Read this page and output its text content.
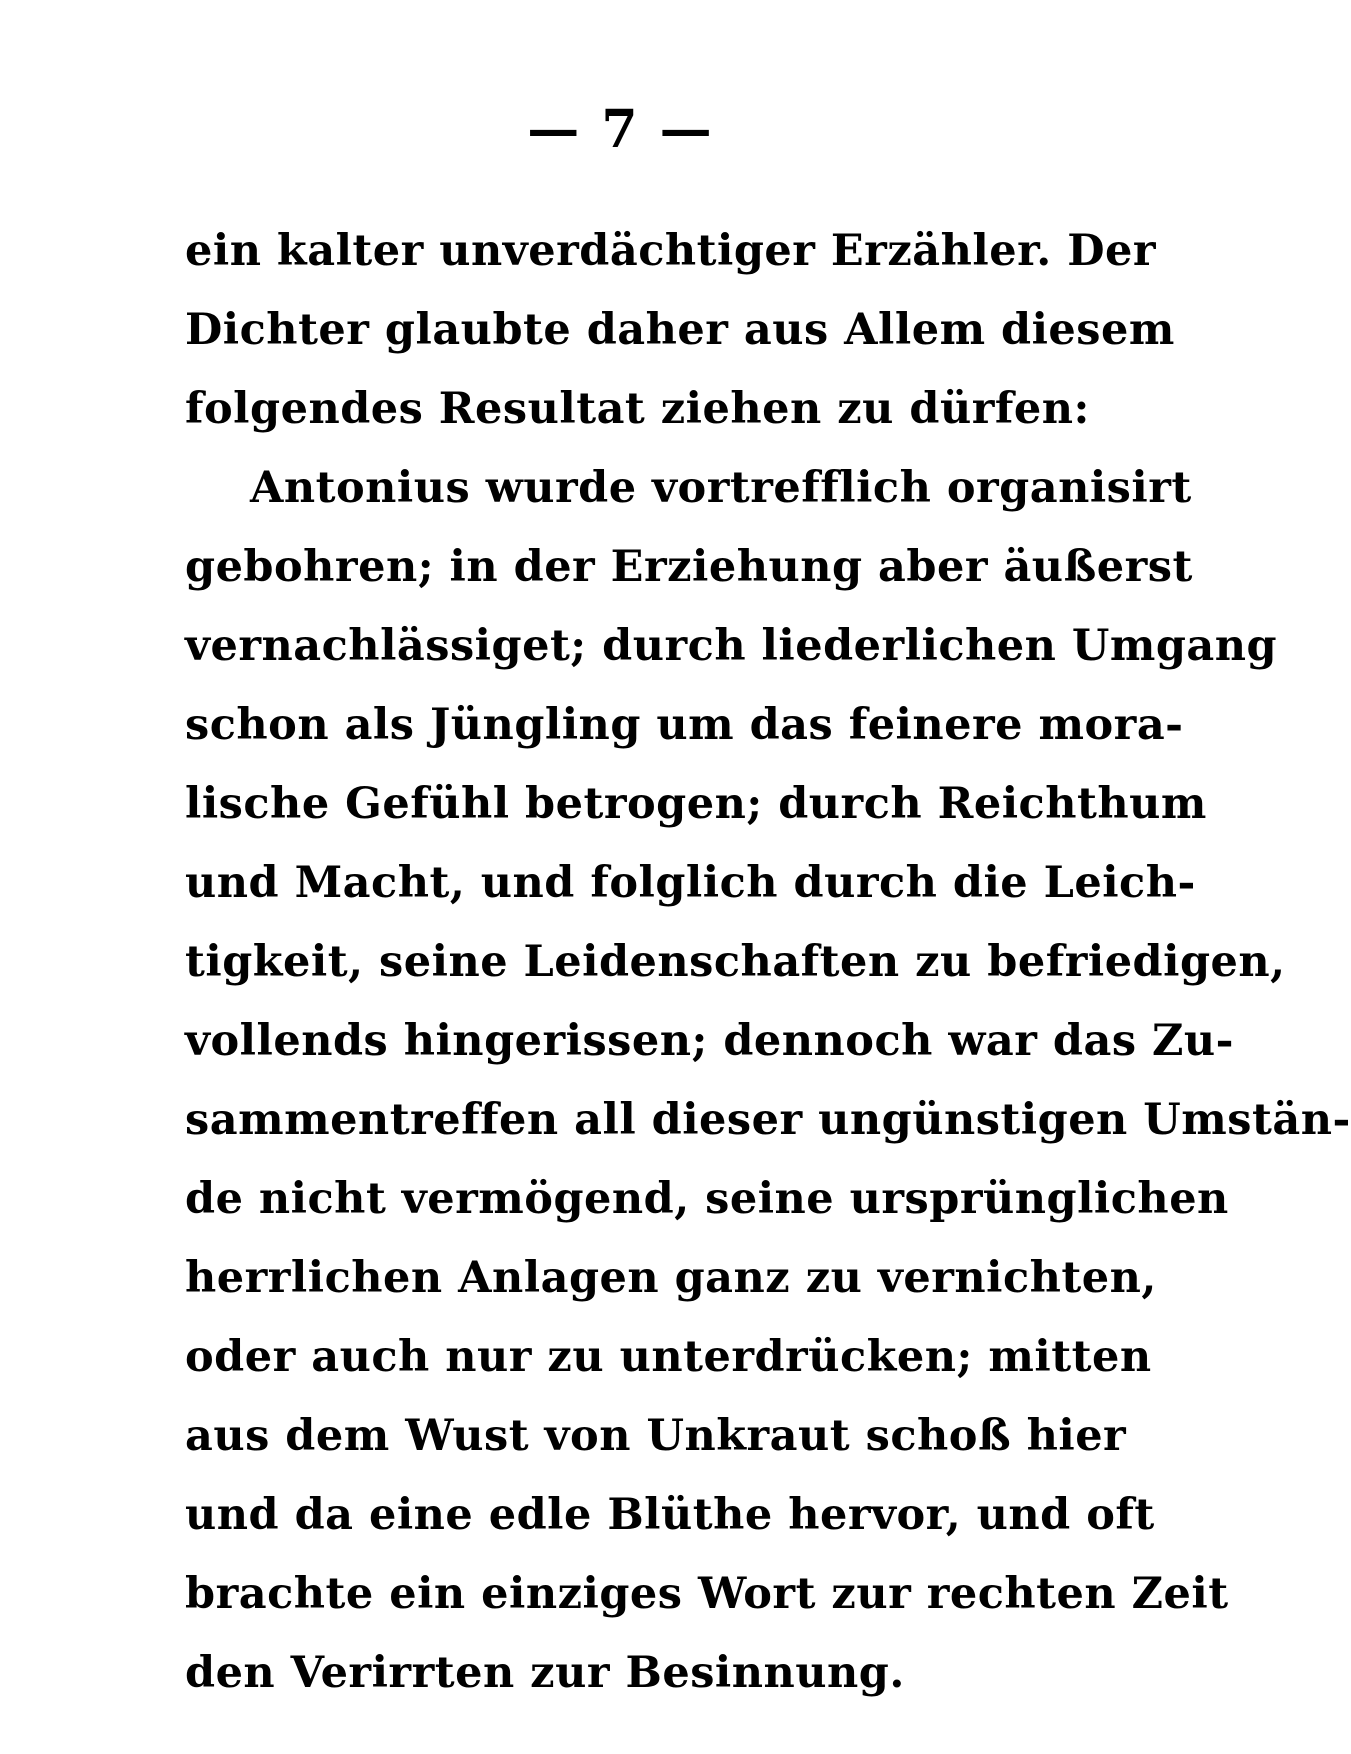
— 7 —
ein kalter unverdächtiger Erzähler. Der
Dichter glaubte daher aus Allem diesem
folgendes Resultat ziehen zu dürfen:
Antonius wurde vortrefflich organisirt
gebohren; in der Erziehung aber äußerst
vernachlässiget; durch liederlichen Umgang
schon als Jüngling um das feinere mora-
lische Gefühl betrogen; durch Reichthum
und Macht, und folglich durch die Leich-
tigkeit, seine Leidenschaften zu befriedigen,
vollends hingerissen; dennoch war das Zu-
sammentreffen all dieser ungünstigen Umstän-
de nicht vermögend, seine ursprünglichen
herrlichen Anlagen ganz zu vernichten,
oder auch nur zu unterdrücken; mitten
aus dem Wust von Unkraut schoß hier
und da eine edle Blüthe hervor, und oft
brachte ein einziges Wort zur rechten Zeit
den Verirrten zur Besinnung.
